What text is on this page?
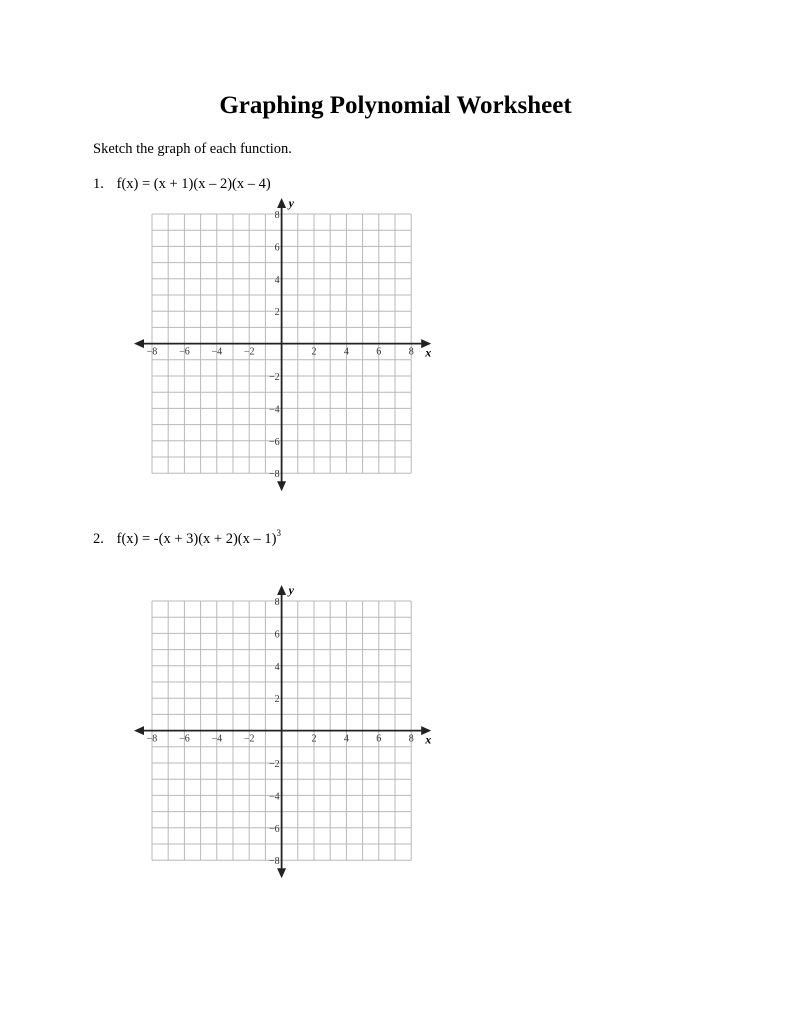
Graphing Polynomial Worksheet
Sketch the graph of each function.
1. f(x) = (x + 1)(x – 2)(x – 4)
−8 −6 −4 −2	2	4	6	8
8
6
4
2
−2
−4
−6
−8
x
y
2. f(x) = -(x + 3)(x + 2)(x – 1)$^3$
−8 −6 −4 −2	2	4	6	8
8
6
4
2
−2
−4
−6
−8
x
y
